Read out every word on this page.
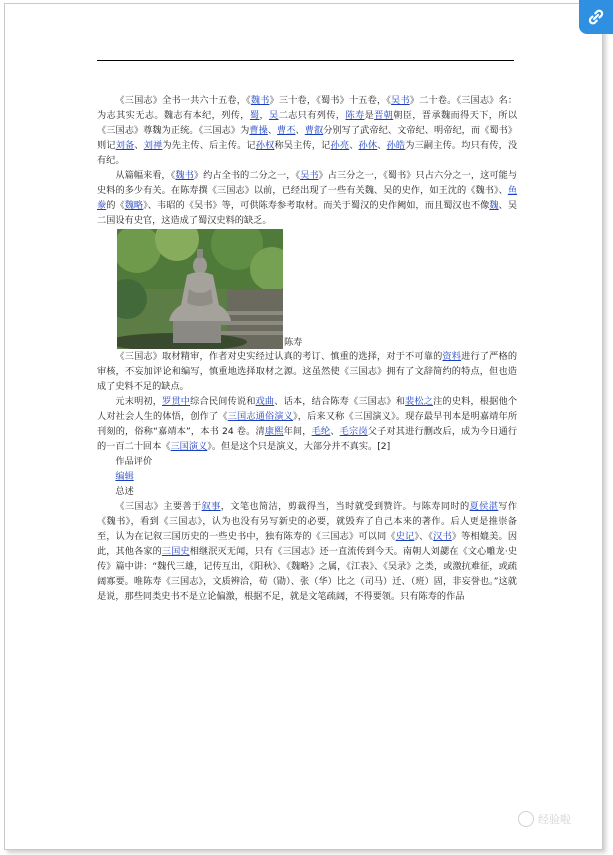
《三国志》全书一共六十五卷，《魏书》三十卷，《蜀书》十五卷，《吴书》二十卷。《三国志》名：为志其实无志。魏志有本纪，列传，蜀，吴二志只有列传，陈寿是晋朝朝臣，晋承魏而得天下，所以《三国志》尊魏为正统。《三国志》为曹操、曹丕、曹叡分别写了武帝纪、文帝纪、明帝纪，而《蜀书》则记刘备、刘禅为先主传、后主传。记孙权称吴主传，记孙亮、孙休、孙皓为三嗣主传。均只有传，没有纪。

从篇幅来看，《魏书》约占全书的二分之一，《吴书》占三分之一，《蜀书》只占六分之一，这可能与史料的多少有关。在陈寿撰《三国志》以前，已经出现了一些有关魏、吴的史作，如王沈的《魏书》、鱼豢的《魏略》、韦昭的《吴书》等，可供陈寿参考取材。而关于蜀汉的史作阙如，而且蜀汉也不像魏、吴二国设有史官，这造成了蜀汉史料的缺乏。

陈寿

《三国志》取材精审，作者对史实经过认真的考订、慎重的选择，对于不可靠的资料进行了严格的审核，不妄加评论和编写，慎重地选择取材之源。这虽然使《三国志》拥有了文辞简约的特点，但也造成了史料不足的缺点。

元末明初，罗贯中综合民间传说和戏曲、话本，结合陈寿《三国志》和裴松之注的史料，根据他个人对社会人生的体悟，创作了《三国志通俗演义》，后来又称《三国演义》。现存最早刊本是明嘉靖年所刊刻的，俗称“嘉靖本”，本书 24 卷。清康熙年间，毛纶、毛宗岗父子对其进行删改后，成为今日通行的一百二十回本《三国演义》。但是这个只是演义，大部分并不真实。[2]

作品评价

编辑

总述

《三国志》主要善于叙事，文笔也简洁，剪裁得当，当时就受到赞许。与陈寿同时的夏侯湛写作《魏书》，看到《三国志》，认为也没有另写新史的必要，就毁弃了自己本来的著作。后人更是推崇备至，认为在记叙三国历史的一些史书中，独有陈寿的《三国志》可以同《史记》、《汉书》等相媲美。因此，其他各家的三国史相继泯灭无闻，只有《三国志》还一直流传到今天。南朝人刘勰在《文心雕龙·史传》篇中讲：“魏代三雄，记传互出，《阳秋》、《魏略》之属，《江表》、《吴录》之类，或激抗难征，或疏阔寡要。唯陈寿《三国志》，文质辨洽，荀（勖）、张（华）比之（司马）迁、（班）固，非妄誉也。”这就是说，那些同类史书不是立论偏激，根据不足，就是文笔疏阔，不得要领。只有陈寿的作品

经验啦
